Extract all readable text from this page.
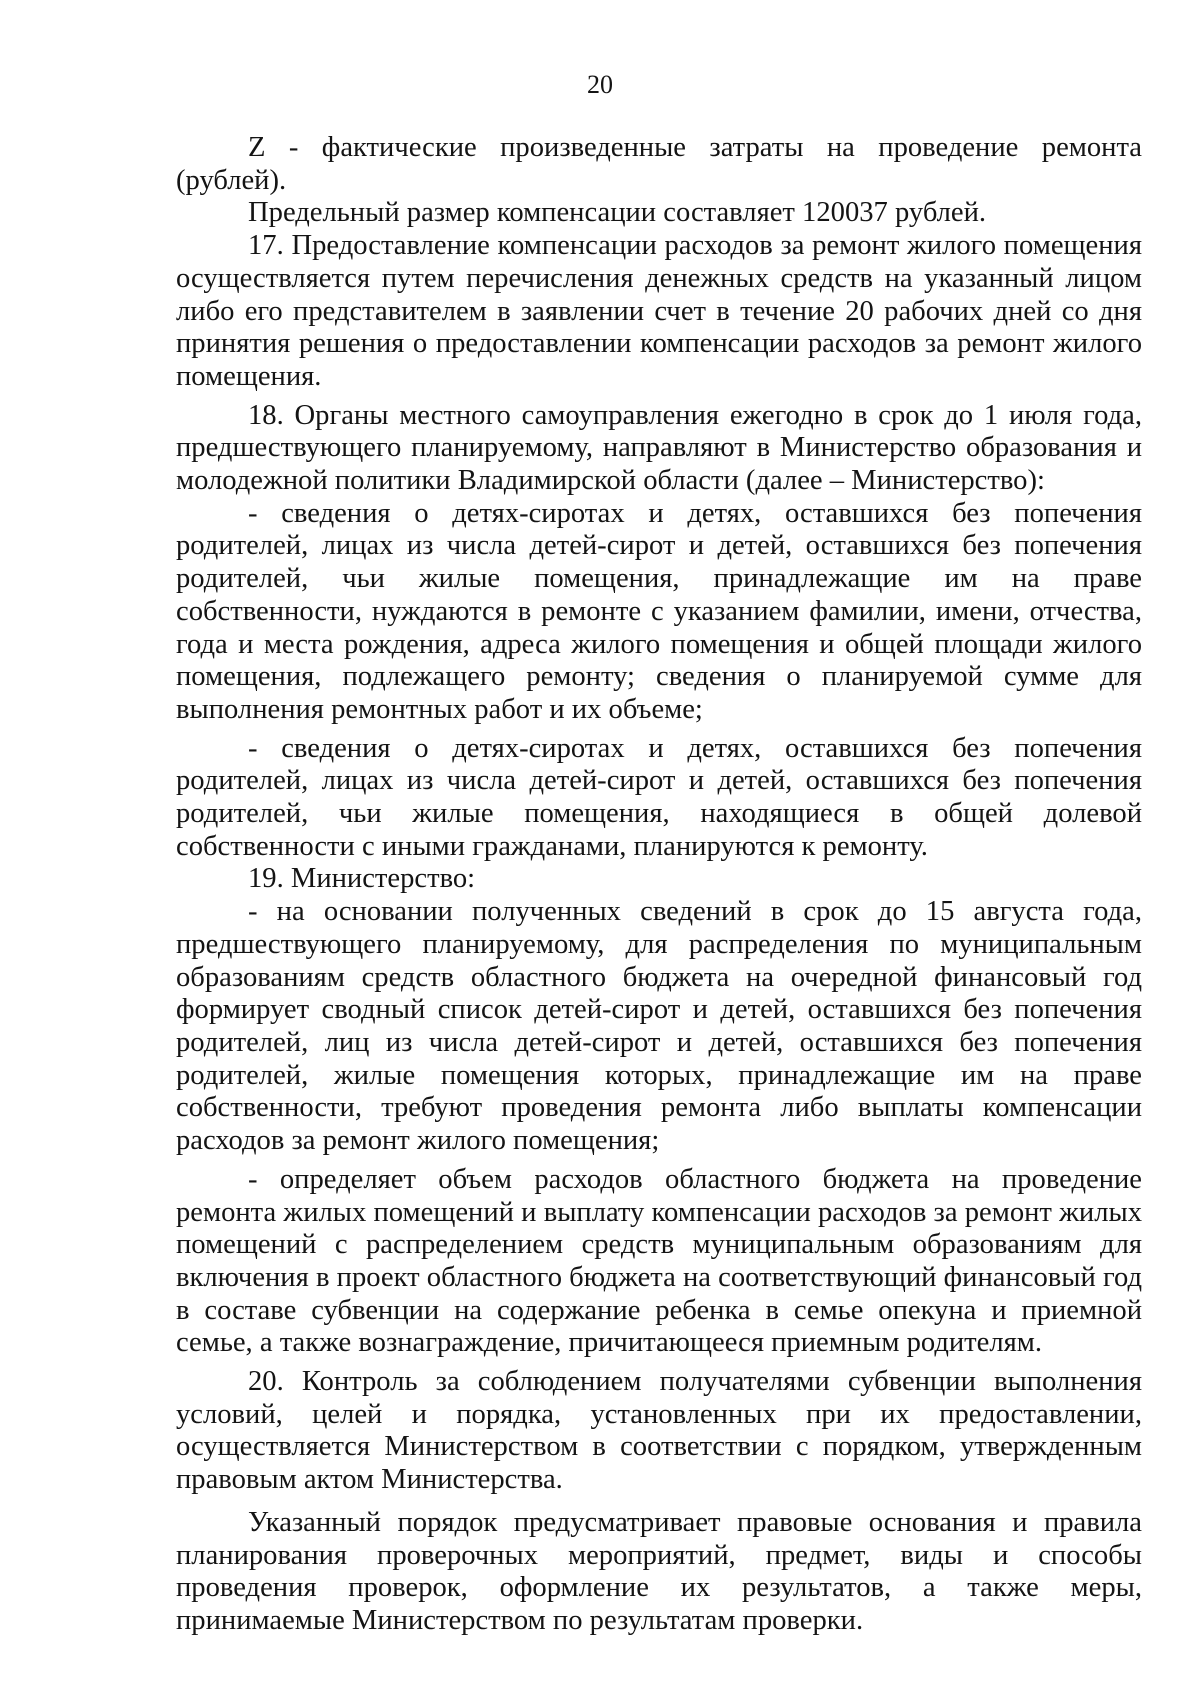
20

Z - фактические произведенные затраты на проведение ремонта (рублей).

Предельный размер компенсации составляет 120037 рублей.

17. Предоставление компенсации расходов за ремонт жилого помещения осуществляется путем перечисления денежных средств на указанный лицом либо его представителем в заявлении счет в течение 20 рабочих дней со дня принятия решения о предоставлении компенсации расходов за ремонт жилого помещения.

18. Органы местного самоуправления ежегодно в срок до 1 июля года, предшествующего планируемому, направляют в Министерство образования и молодежной политики Владимирской области (далее – Министерство):

- сведения о детях-сиротах и детях, оставшихся без попечения родителей, лицах из числа детей-сирот и детей, оставшихся без попечения родителей, чьи жилые помещения, принадлежащие им на праве собственности, нуждаются в ремонте с указанием фамилии, имени, отчества, года и места рождения, адреса жилого помещения и общей площади жилого помещения, подлежащего ремонту; сведения о планируемой сумме для выполнения ремонтных работ и их объеме;

- сведения о детях-сиротах и детях, оставшихся без попечения родителей, лицах из числа детей-сирот и детей, оставшихся без попечения родителей, чьи жилые помещения, находящиеся в общей долевой собственности с иными гражданами, планируются к ремонту.

19. Министерство:

- на основании полученных сведений в срок до 15 августа года, предшествующего планируемому, для распределения по муниципальным образованиям средств областного бюджета на очередной финансовый год формирует сводный список детей-сирот и детей, оставшихся без попечения родителей, лиц из числа детей-сирот и детей, оставшихся без попечения родителей, жилые помещения которых, принадлежащие им на праве собственности, требуют проведения ремонта либо выплаты компенсации расходов за ремонт жилого помещения;

- определяет объем расходов областного бюджета на проведение ремонта жилых помещений и выплату компенсации расходов за ремонт жилых помещений с распределением средств муниципальным образованиям для включения в проект областного бюджета на соответствующий финансовый год в составе субвенции на содержание ребенка в семье опекуна и приемной семье, а также вознаграждение, причитающееся приемным родителям.

20. Контроль за соблюдением получателями субвенции выполнения условий, целей и порядка, установленных при их предоставлении, осуществляется Министерством в соответствии с порядком, утвержденным правовым актом Министерства.

Указанный порядок предусматривает правовые основания и правила планирования проверочных мероприятий, предмет, виды и способы проведения проверок, оформление их результатов, а также меры, принимаемые Министерством по результатам проверки.
